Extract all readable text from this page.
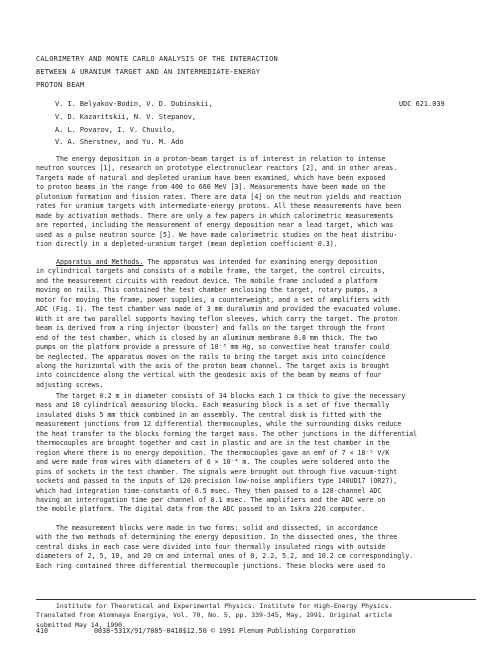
CALORIMETRY AND MONTE CARLO ANALYSIS OF THE INTERACTION
BETWEEN A URANIUM TARGET AND AN INTERMEDIATE-ENERGY
PROTON BEAM
V. I. Belyakov-Bodin, V. D. Dubinskii,
V. D. Kazaritskii, N. V. Stepanov,
A. L. Povarov, I. V. Chuvilo,
V. A. Sherstnev, and Yu. M. Ado
UDC 621.039
The energy deposition in a proton-beam target is of interest in relation to intense
neutron sources [1], research on prototype electronuclear reactors [2], and in other areas.
Targets made of natural and depleted uranium have been examined, which have been exposed
to proton beams in the range from 400 to 660 MeV [3]. Measurements have been made on the
plutonium formation and fission rates. There are data [4] on the neutron yields and reaction
rates for uranium targets with intermediate-energy protons. All these measurements have been
made by activation methods. There are only a few papers in which calorimetric measurements
are reported, including the measurement of energy deposition near a lead target, which was
used as a pulse neutron source [5]. We have made calorimetric studies on the heat distribu-
tion directly in a depleted-uranium target (mean depletion coefficient 0.3).
Apparatus and Methods. The apparatus was intended for examining energy deposition
in cylindrical targets and consists of a mobile frame, the target, the control circuits,
and the measurement circuits with readout device. The mobile frame included a platform
moving on rails. This contained the test chamber enclosing the target, rotary pumps, a
motor for moving the frame, power supplies, a counterweight, and a set of amplifiers with
ADC (Fig. 1). The test chamber was made of 3 mm duralumin and provided the evacuated volume.
With it are two parallel supports having teflon sleeves, which carry the target. The proton
beam is derived from a ring injector (booster) and falls on the target through the front
end of the test chamber, which is closed by an aluminum membrane 0.8 mm thick. The two
pumps on the platform provide a pressure of 10⁻³ mm Hg, so convective heat transfer could
be neglected. The apparatus moves on the rails to bring the target axis into coincidence
along the horizontal with the axis of the proton beam channel. The target axis is brought
into coincidence along the vertical with the geodesic axis of the beam by means of four
adjusting screws.
The target 0.2 m in diameter consists of 34 blocks each 1 cm thick to give the necessary
mass and 10 cylindrical measuring blocks. Each measuring block is a set of five thermally
insulated disks 5 mm thick combined in an assembly. The central disk is fitted with the
measurement junctions from 12 differential thermocouples, while the surrounding disks reduce
the heat transfer to the blocks forming the target mass. The other junctions in the differential
thermocouples are brought together and cast in plastic and are in the test chamber in the
region where there is no energy deposition. The thermocouples gave an emf of 7 × 10⁻⁵ V/K
and were made from wires with diameters of 6 × 10⁻⁴ m. The couples were soldered onto the
pins of sockets in the test chamber. The signals were brought out through five vacuum-tight
sockets and passed to the inputs of 120 precision low-noise amplifiers type 140UD17 (OR27),
which had integration time-constants of 0.5 msec. They then passed to a 128-channel ADC
having an interrogation time per channel of 0.1 msec. The amplifiers and the ADC were on
the mobile platform. The digital data from the ADC passed to an Iskra 226 computer.
The measurement blocks were made in two forms: solid and dissected, in accordance
with the two methods of determining the energy deposition. In the dissected ones, the three
central disks in each case were divided into four thermally insulated rings with outside
diameters of 2, 5, 10, and 20 cm and internal ones of 0, 2.2, 5.2, and 10.2 cm correspondingly.
Each ring contained three differential thermocouple junctions. These blocks were used to
Institute for Theoretical and Experimental Physics. Institute for High-Energy Physics.
Translated from Atomnaya Énergiya, Vol. 70, No. 5, pp. 339-345, May, 1991. Original article
submitted May 14, 1990.
410	0038-531X/91/7005-0410$12.50 © 1991 Plenum Publishing Corporation
